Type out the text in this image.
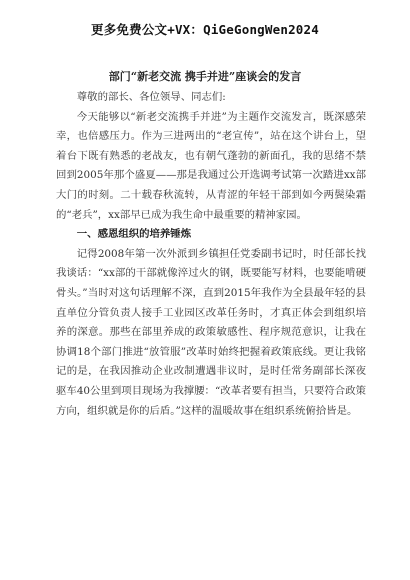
更多免费公文+VX：QiGeGongWen2024
部门“新老交流 携手并进”座谈会的发言

尊敬的部长、各位领导、同志们:

今天能够以“新老交流携手并进”为主题作交流发言，既深感荣幸，也倍感压力。作为三进两出的“老宣传”，站在这个讲台上，望着台下既有熟悉的老战友，也有朝气蓬勃的新面孔，我的思绪不禁回到2005年那个盛夏——那是我通过公开选调考试第一次踏进xx部大门的时刻。二十载春秋流转，从青涩的年轻干部到如今两鬓染霜的“老兵”，xx部早已成为我生命中最重要的精神家园。

一、感恩组织的培养锤炼

记得2008年第一次外派到乡镇担任党委副书记时，时任部长找我谈话：“xx部的干部就像淬过火的钢，既要能写材料，也要能啃硬骨头。”当时对这句话理解不深，直到2015年我作为全县最年轻的县直单位分管负责人接手工业园区改革任务时，才真正体会到组织培养的深意。那些在部里养成的政策敏感性、程序规范意识，让我在协调18个部门推进“放管服”改革时始终把握着政策底线。更让我铭记的是，在我因推动企业改制遭遇非议时，是时任常务副部长深夜驱车40公里到项目现场为我撑腰：“改革者要有担当，只要符合政策方向，组织就是你的后盾。”这样的温暖故事在组织系统俯拾皆是。
